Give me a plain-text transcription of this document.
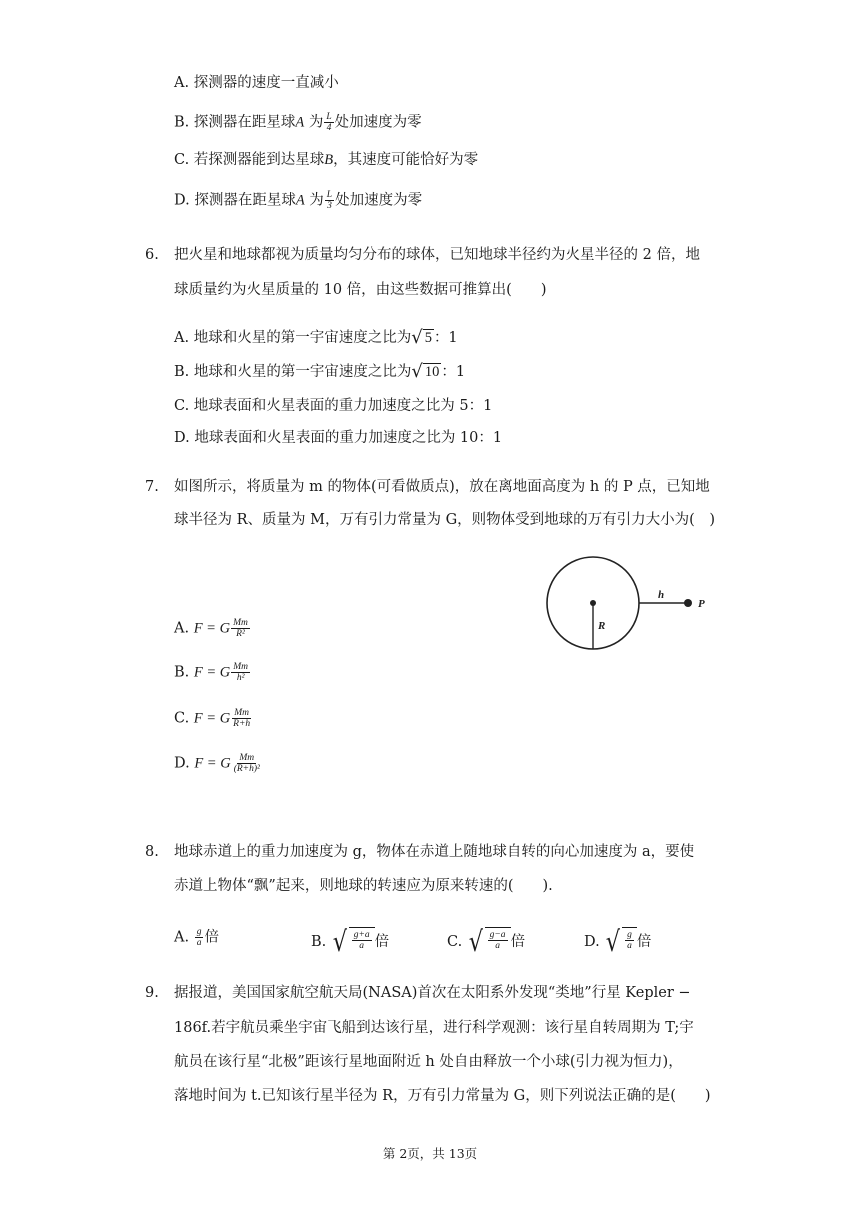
A. 探测器的速度一直减小
B. 探测器在距星球A 为 $\frac{L}{4}$ 处加速度为零
C. 若探测器能到达星球B，其速度可能恰好为零
D. 探测器在距星球A 为 $\frac{L}{3}$ 处加速度为零
6. 把火星和地球都视为质量均匀分布的球体，已知地球半径约为火星半径的 2 倍，地
球质量约为火星质量的 10 倍，由这些数据可推算出(　　)
A. 地球和火星的第一宇宙速度之比为 √ 5 ：1
B. 地球和火星的第一宇宙速度之比为 √ 10 ：1
C. 地球表面和火星表面的重力加速度之比为 5：1
D. 地球表面和火星表面的重力加速度之比为 10：1
7. 如图所示，将质量为 m 的物体(可看做质点)，放在离地面高度为 h 的 P 点，已知地
球半径为 R、质量为 M，万有引力常量为 G，则物体受到地球的万有引力大小为(　)
h
P
R
A. F = G $\frac{Mm}{\text{R²}}$
B. F = G $\frac{Mm}{\text{h²}}$
C. F = G $\frac{Mm}{R+h}$
D. F = G $\frac{Mm}{\text{(R+h)²}}$
8. 地球赤道上的重力加速度为 g，物体在赤道上随地球自转的向心加速度为 a，要使
赤道上物体“飘”起来，则地球的转速应为原来转速的(　　).
A. $\frac{g}{a}$ 倍	B. √ $\frac{g+a}{a}$ 倍	C. √ $\frac{g-a}{a}$ 倍	D. √ $\frac{g}{a}$ 倍
9. 据报道，美国国家航空航天局(NASA)首次在太阳系外发现“类地”行星 Kepler −
186f.若宇航员乘坐宇宙飞船到达该行星，进行科学观测：该行星自转周期为 T;宇
航员在该行星“北极”距该行星地面附近 h 处自由释放一个小球(引力视为恒力)，
落地时间为 t.已知该行星半径为 R，万有引力常量为 G，则下列说法正确的是(　　)
第 2页，共 13页
